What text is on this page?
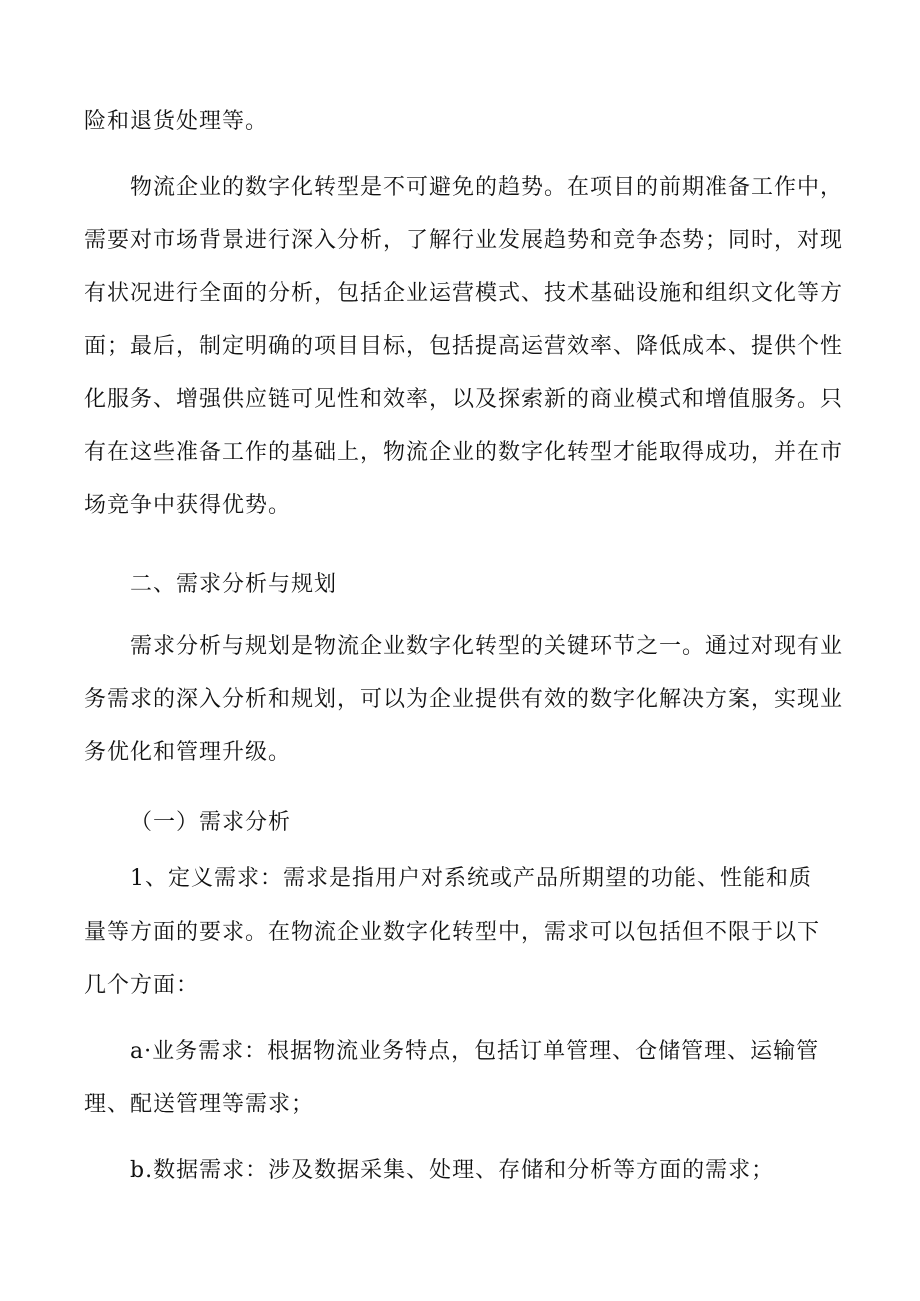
险和退货处理等。
物流企业的数字化转型是不可避免的趋势。在项目的前期准备工作中，
需要对市场背景进行深入分析，了解行业发展趋势和竞争态势；同时，对现
有状况进行全面的分析，包括企业运营模式、技术基础设施和组织文化等方
面；最后，制定明确的项目目标，包括提高运营效率、降低成本、提供个性
化服务、增强供应链可见性和效率，以及探索新的商业模式和增值服务。只
有在这些准备工作的基础上，物流企业的数字化转型才能取得成功，并在市
场竞争中获得优势。
二、需求分析与规划
需求分析与规划是物流企业数字化转型的关键环节之一。通过对现有业
务需求的深入分析和规划，可以为企业提供有效的数字化解决方案，实现业
务优化和管理升级。
（一）需求分析
1、定义需求：需求是指用户对系统或产品所期望的功能、性能和质
量等方面的要求。在物流企业数字化转型中，需求可以包括但不限于以下
几个方面：
a·业务需求：根据物流业务特点，包括订单管理、仓储管理、运输管
理、配送管理等需求；
b.数据需求：涉及数据采集、处理、存储和分析等方面的需求；
